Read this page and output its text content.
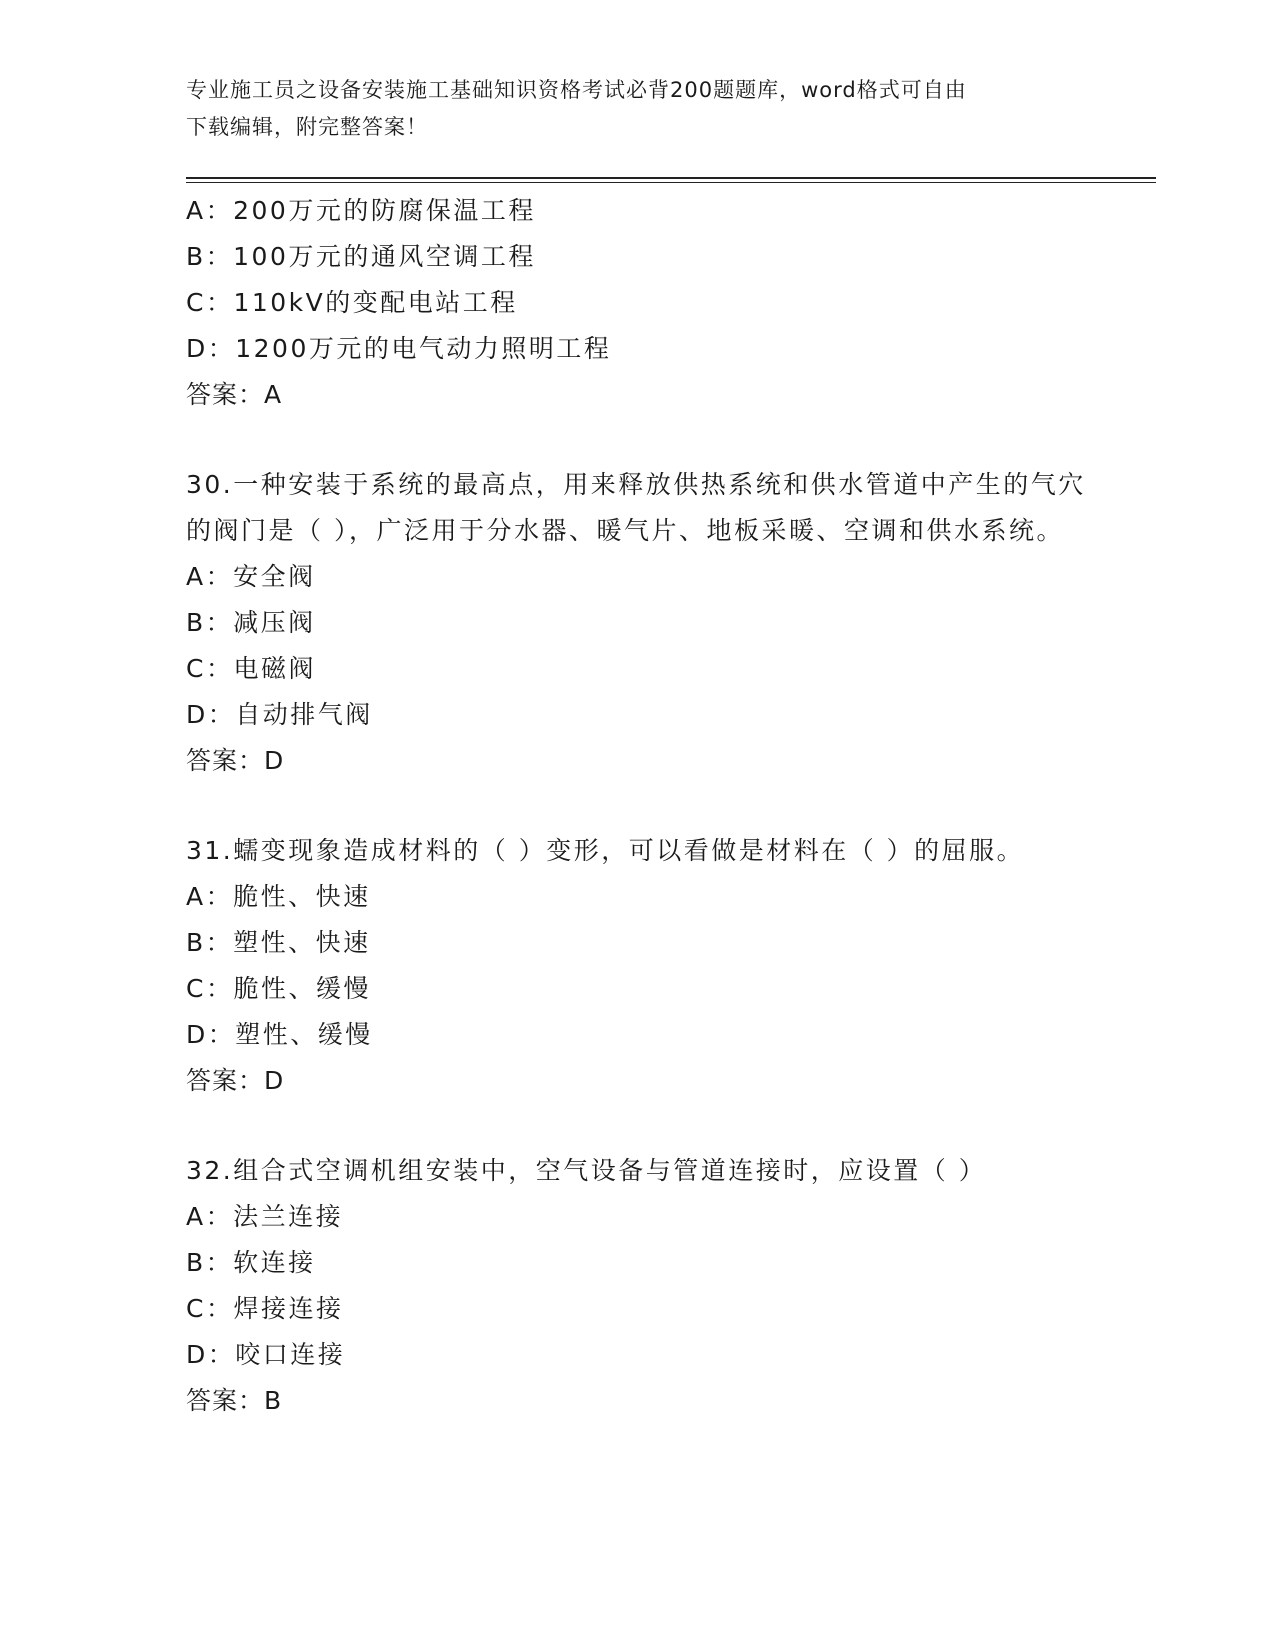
专业施工员之设备安装施工基础知识资格考试必背200题题库，word格式可自由
下载编辑，附完整答案！
A：200万元的防腐保温工程
B：100万元的通风空调工程
C：110kV的变配电站工程
D：1200万元的电气动力照明工程
答案：A
30.一种安装于系统的最高点，用来释放供热系统和供水管道中产生的气穴的阀门是（ ），广泛用于分水器、暖气片、地板采暖、空调和供水系统。
A：安全阀
B：减压阀
C：电磁阀
D：自动排气阀
答案：D
31.蠕变现象造成材料的（ ）变形，可以看做是材料在（ ）的屈服。
A：脆性、快速
B：塑性、快速
C：脆性、缓慢
D：塑性、缓慢
答案：D
32.组合式空调机组安装中，空气设备与管道连接时，应设置（ ）
A：法兰连接
B：软连接
C：焊接连接
D：咬口连接
答案：B
